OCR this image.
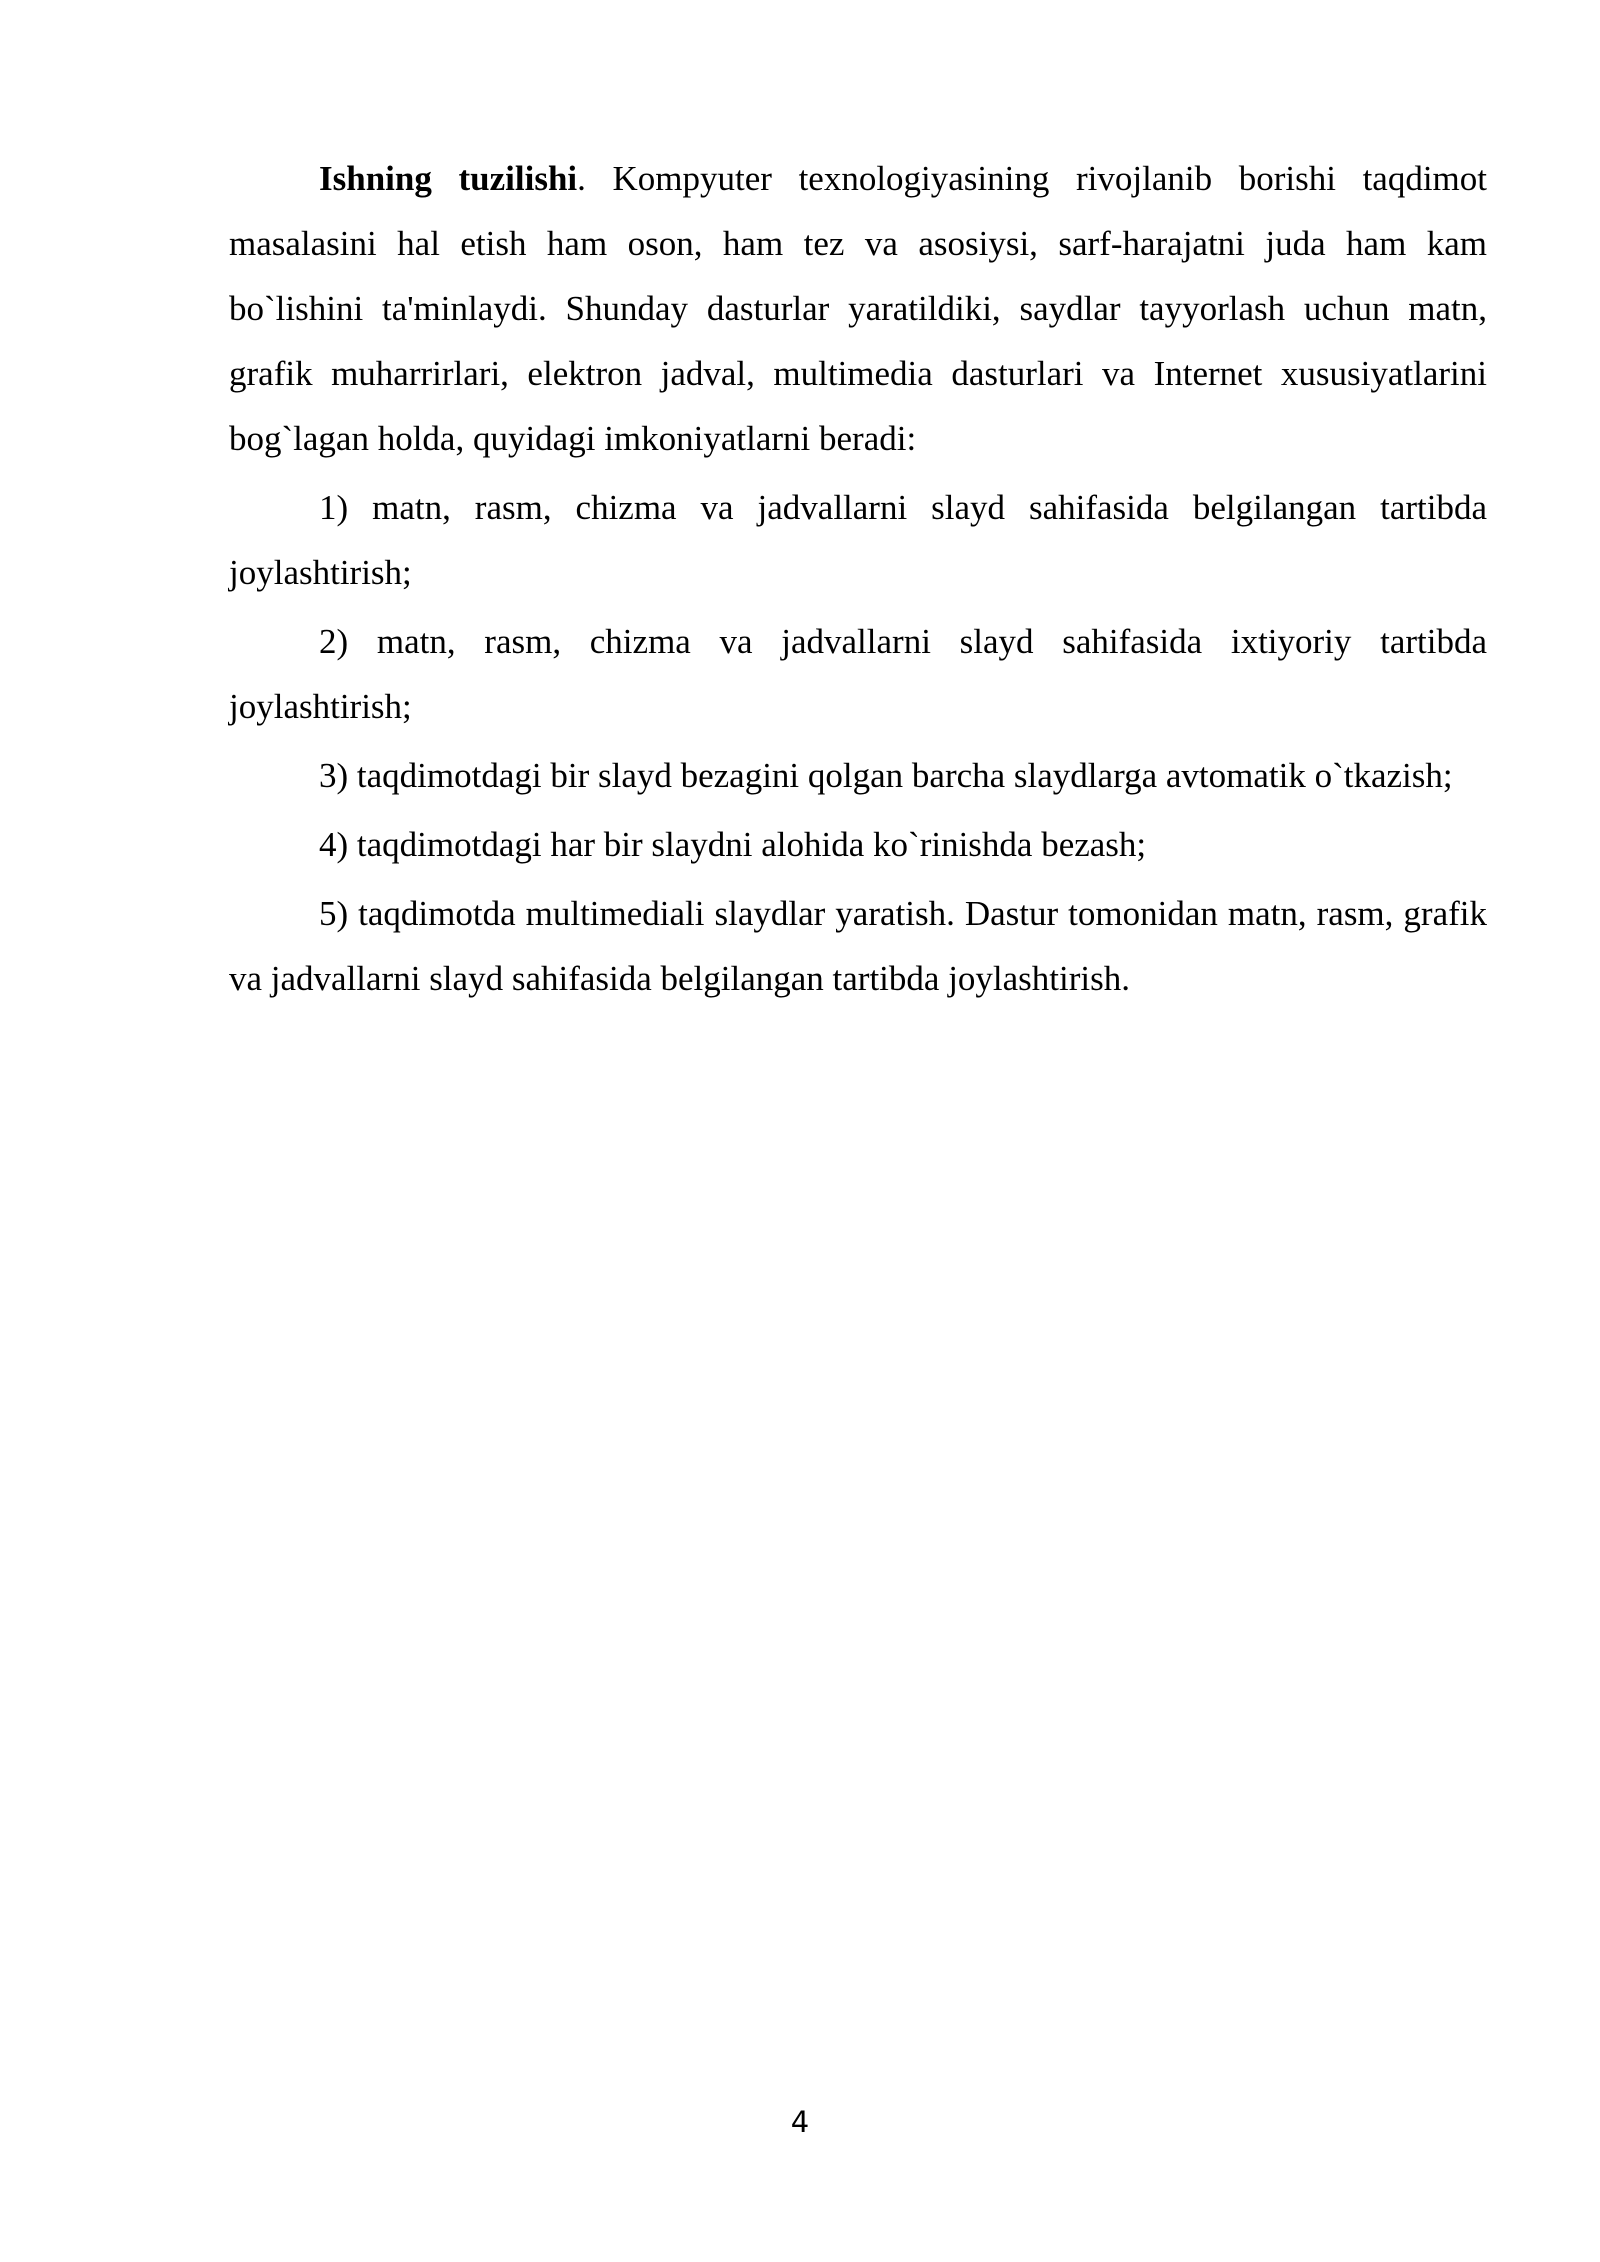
Ishning tuzilishi. Kompyuter texnologiyasining rivojlanib borishi taqdimot masalasini hal etish ham oson, ham tez va asosiysi, sarf-harajatni juda ham kam bo`lishini ta'minlaydi. Shunday dasturlar yaratildiki, saydlar tayyorlash uchun matn, grafik muharrirlari, elektron jadval, multimedia dasturlari va Internet xususiyatlarini bog`lagan holda, quyidagi imkoniyatlarni beradi:

1) matn, rasm, chizma va jadvallarni slayd sahifasida belgilangan tartibda joylashtirish;

2) matn, rasm, chizma va jadvallarni slayd sahifasida ixtiyoriy tartibda joylashtirish;

3) taqdimotdagi bir slayd bezagini qolgan barcha slaydlarga avtomatik o`tkazish;

4) taqdimotdagi har bir slaydni alohida ko`rinishda bezash;

5) taqdimotda multimediali slaydlar yaratish. Dastur tomonidan matn, rasm, grafik va jadvallarni slayd sahifasida belgilangan tartibda joylashtirish.

4
